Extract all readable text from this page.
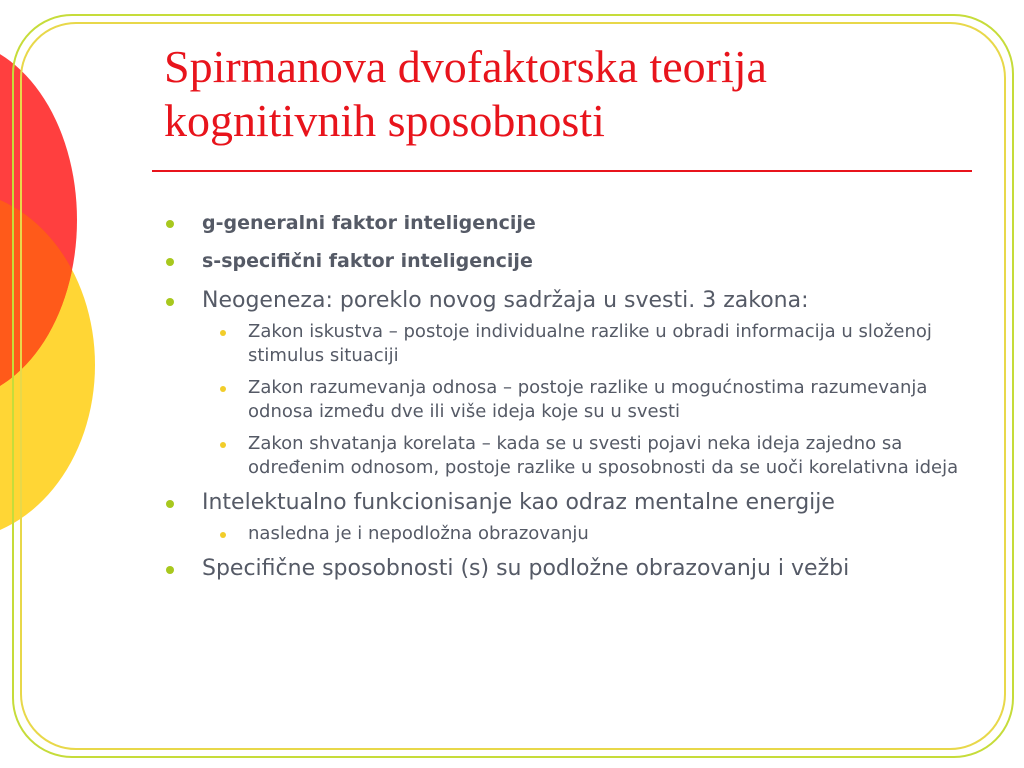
Spirmanova dvofaktorska teorija kognitivnih sposobnosti
g-generalni faktor inteligencije
s-specifični faktor inteligencije
Neogeneza: poreklo novog sadržaja u svesti. 3 zakona:
Zakon iskustva – postoje individualne razlike u obradi informacija u složenoj stimulus situaciji
Zakon razumevanja odnosa – postoje razlike u mogućnostima razumevanja odnosa između dve ili više ideja koje su u svesti
Zakon shvatanja korelata – kada se u svesti pojavi neka ideja zajedno sa određenim odnosom, postoje razlike u sposobnosti da se uoči korelativna ideja
Intelektualno funkcionisanje kao odraz mentalne energije
nasledna je i nepodložna obrazovanju
Specifične sposobnosti (s) su podložne obrazovanju i vežbi
